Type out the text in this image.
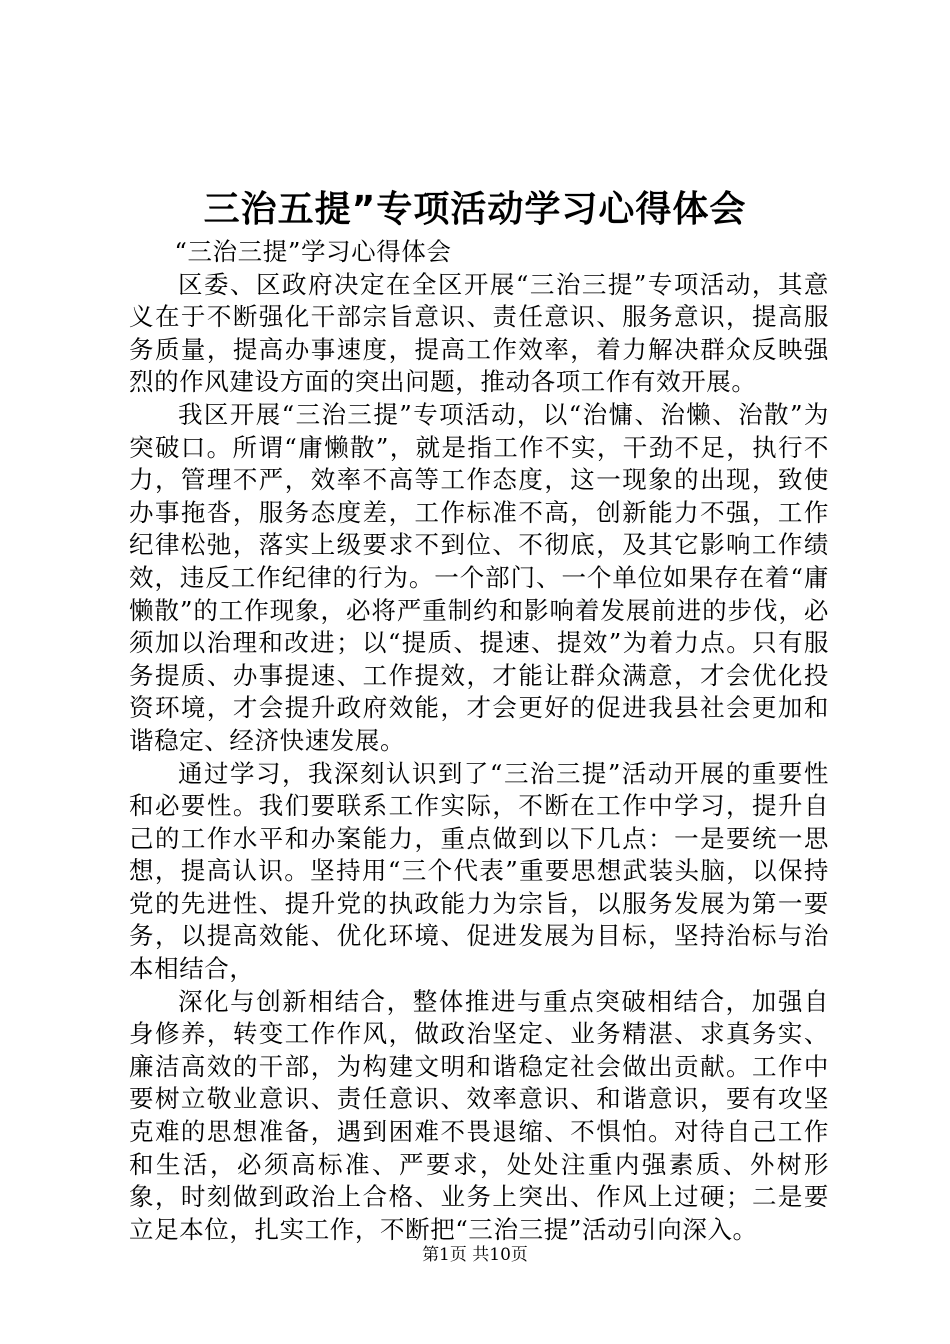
三治五提”专项活动学习心得体会

“三治三提”学习心得体会

区委、区政府决定在全区开展“三治三提”专项活动，其意义在于不断强化干部宗旨意识、责任意识、服务意识，提高服务质量，提高办事速度，提高工作效率，着力解决群众反映强烈的作风建设方面的突出问题，推动各项工作有效开展。

我区开展“三治三提”专项活动，以“治慵、治懒、治散”为突破口。所谓“庸懒散”，就是指工作不实，干劲不足，执行不力，管理不严，效率不高等工作态度，这一现象的出现，致使办事拖沓，服务态度差，工作标准不高，创新能力不强，工作纪律松弛，落实上级要求不到位、不彻底，及其它影响工作绩效，违反工作纪律的行为。一个部门、一个单位如果存在着“庸懒散”的工作现象，必将严重制约和影响着发展前进的步伐，必须加以治理和改进；以“提质、提速、提效”为着力点。只有服务提质、办事提速、工作提效，才能让群众满意，才会优化投资环境，才会提升政府效能，才会更好的促进我县社会更加和谐稳定、经济快速发展。

通过学习，我深刻认识到了“三治三提”活动开展的重要性和必要性。我们要联系工作实际，不断在工作中学习，提升自己的工作水平和办案能力，重点做到以下几点：一是要统一思想，提高认识。坚持用“三个代表”重要思想武装头脑，以保持党的先进性、提升党的执政能力为宗旨，以服务发展为第一要务，以提高效能、优化环境、促进发展为目标，坚持治标与治本相结合，

深化与创新相结合，整体推进与重点突破相结合，加强自身修养，转变工作作风，做政治坚定、业务精湛、求真务实、廉洁高效的干部，为构建文明和谐稳定社会做出贡献。工作中要树立敬业意识、责任意识、效率意识、和谐意识，要有攻坚克难的思想准备，遇到困难不畏退缩、不惧怕。对待自己工作和生活，必须高标准、严要求，处处注重内强素质、外树形象，时刻做到政治上合格、业务上突出、作风上过硬；二是要立足本位，扎实工作，不断把“三治三提”活动引向深入。

第1页 共10页
